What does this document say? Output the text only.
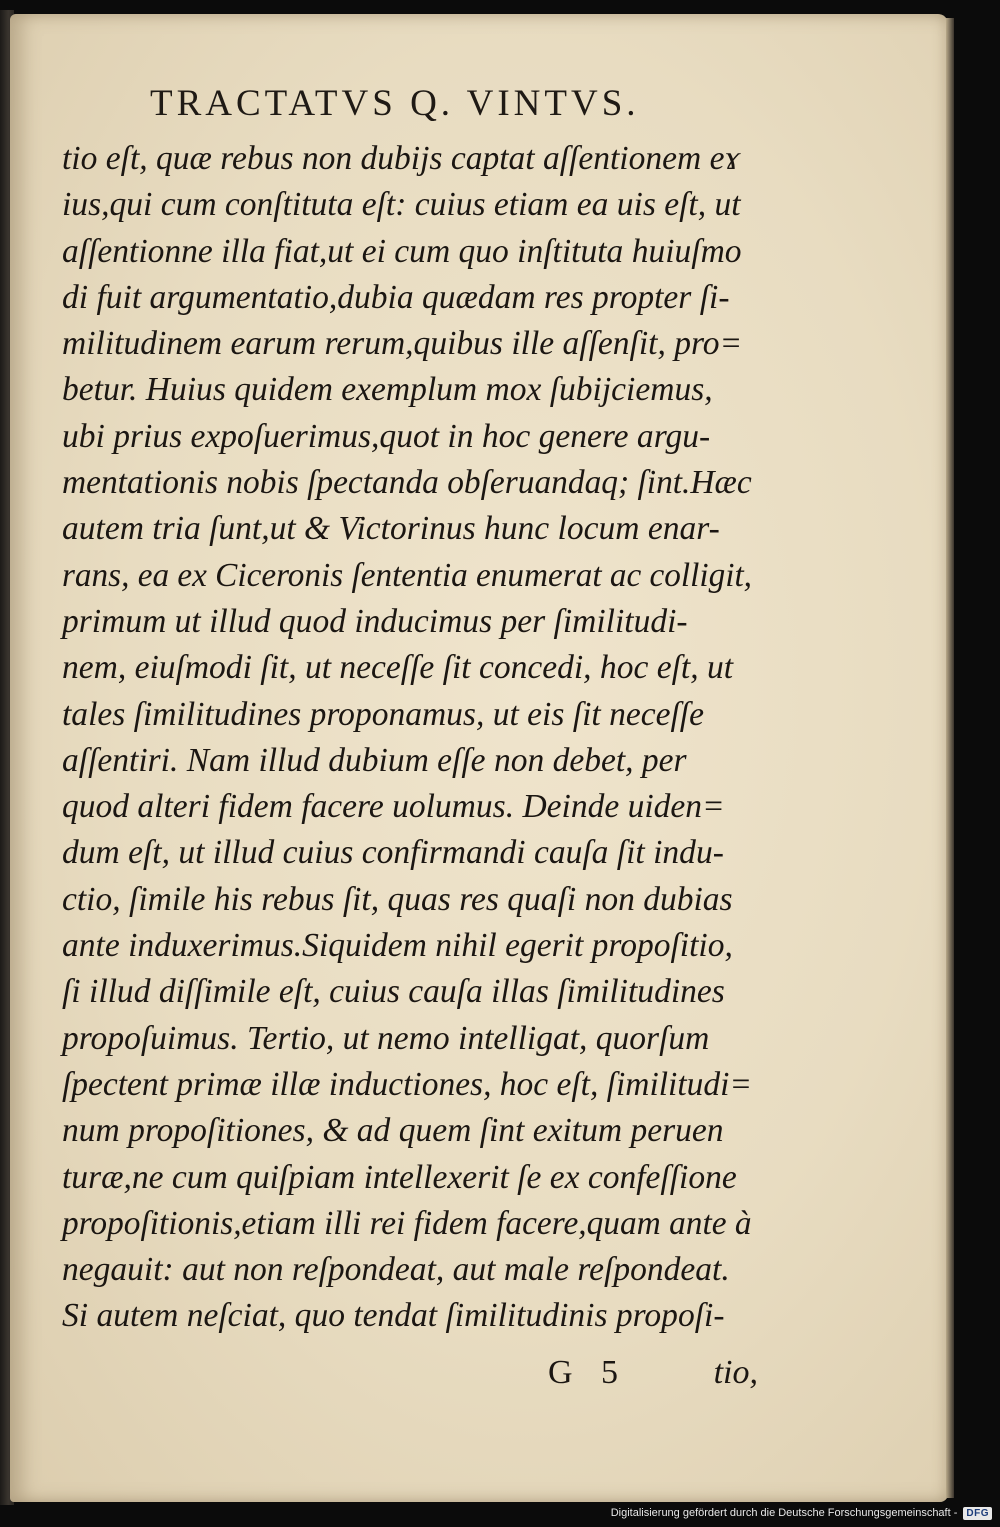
TRACTATVS Q. VINTVS.
tio eſt, quæ rebus non dubijs captat aſſentionem eɤ
ius,qui cum conſtituta eſt: cuius etiam ea uis eſt, ut
aſſentionne illa fiat,ut ei cum quo inſtituta huiuſmo
di fuit argumentatio,dubia quædam res propter ſi-
militudinem earum rerum,quibus ille aſſenſit, pro=
betur. Huius quidem exemplum mox ſubijciemus,
ubi prius expoſuerimus,quot in hoc genere argu-
mentationis nobis ſpectanda obſeruandaq; ſint.Hæc
autem tria ſunt,ut & Victorinus hunc locum enar-
rans, ea ex Ciceronis ſententia enumerat ac colligit,
primum ut illud quod inducimus per ſimilitudi-
nem, eiuſmodi ſit, ut neceſſe ſit concedi, hoc eſt, ut
tales ſimilitudines proponamus, ut eis ſit neceſſe
aſſentiri. Nam illud dubium eſſe non debet, per
quod alteri fidem facere uolumus. Deinde uiden=
dum eſt, ut illud cuius confirmandi cauſa ſit indu-
ctio, ſimile his rebus ſit, quas res quaſi non dubias
ante induxerimus.Siquidem nihil egerit propoſitio,
ſi illud diſſimile eſt, cuius cauſa illas ſimilitudines
propoſuimus. Tertio, ut nemo intelligat, quorſum
ſpectent primæ illæ inductiones, hoc eſt, ſimilitudi=
num propoſitiones, & ad quem ſint exitum peruen
turæ,ne cum quiſpiam intellexerit ſe ex confeſſione
propoſitionis,etiam illi rei fidem facere,quam ante à
negauit: aut non reſpondeat, aut male reſpondeat.
Si autem neſciat, quo tendat ſimilitudinis propoſi-
G 5	tio,
Digitalisierung gefördert durch die Deutsche Forschungsgemeinschaft - DFG
